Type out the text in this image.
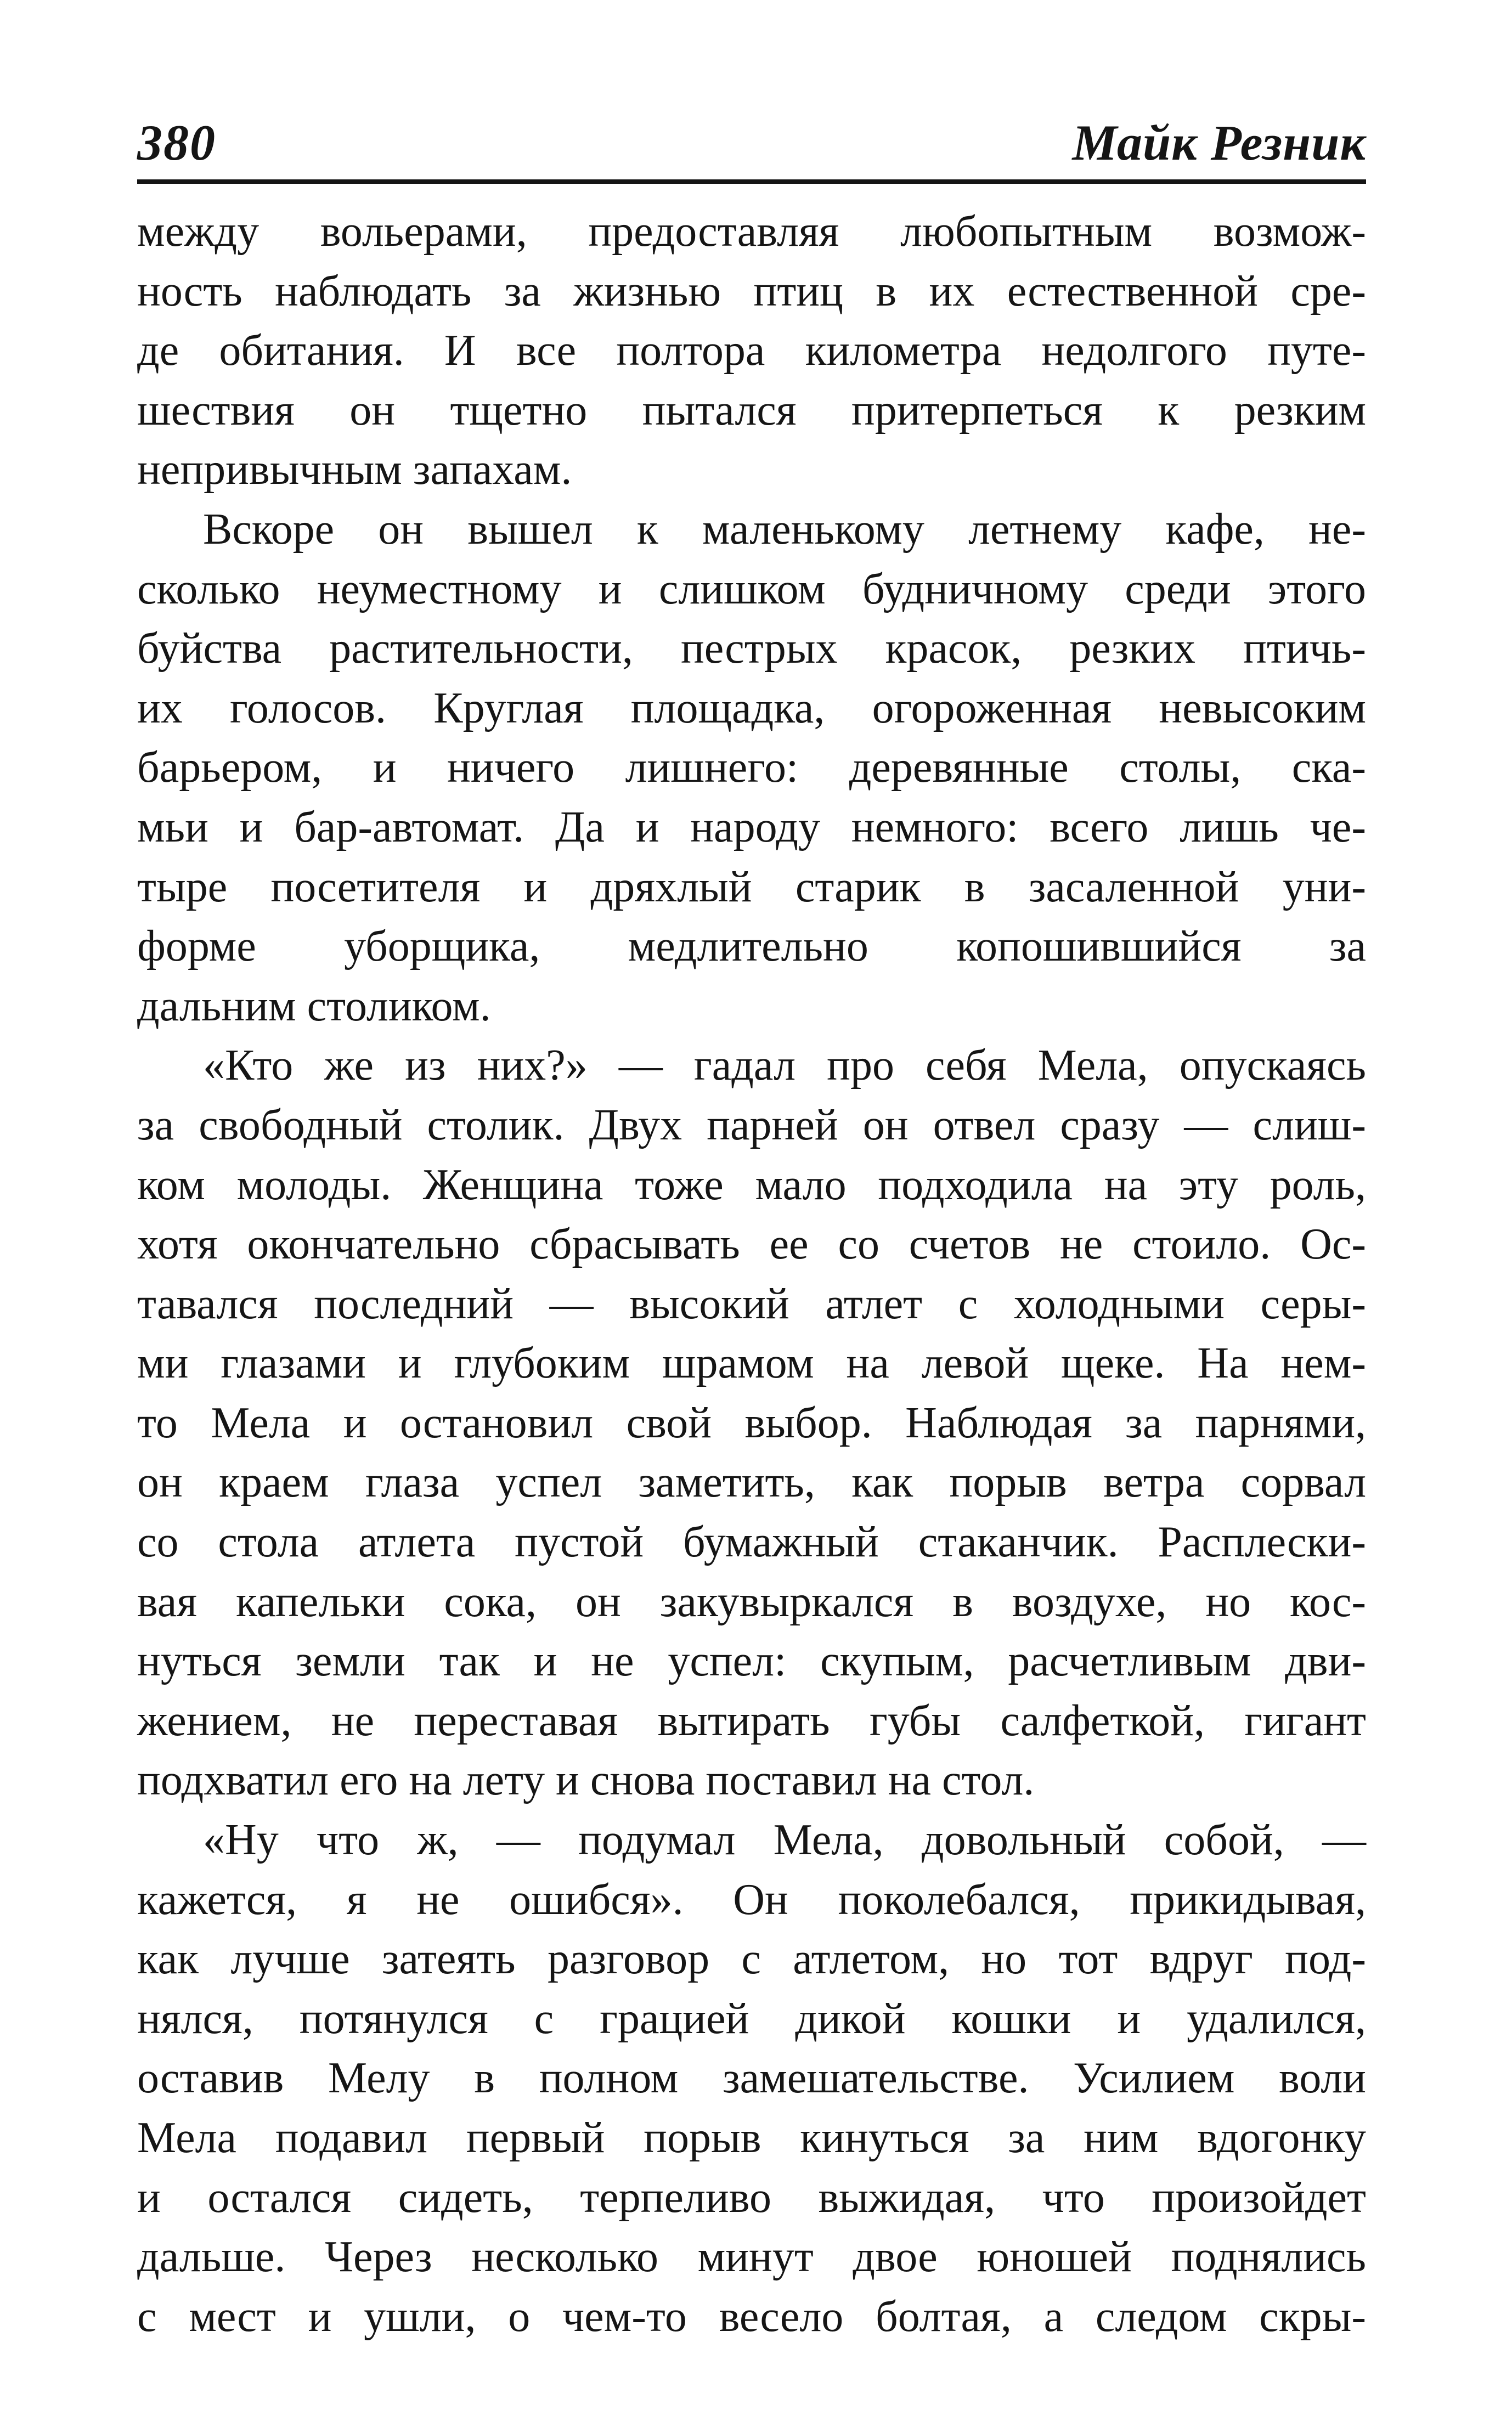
380	Майк Резник
между вольерами, предоставляя любопытным возмож-
ность наблюдать за жизнью птиц в их естественной сре-
де обитания. И все полтора километра недолгого путе-
шествия он тщетно пытался притерпеться к резким
непривычным запахам.
Вскоре он вышел к маленькому летнему кафе, не-
сколько неуместному и слишком будничному среди этого
буйства растительности, пестрых красок, резких птичь-
их голосов. Круглая площадка, огороженная невысоким
барьером, и ничего лишнего: деревянные столы, ска-
мьи и бар-автомат. Да и народу немного: всего лишь че-
тыре посетителя и дряхлый старик в засаленной уни-
форме уборщика, медлительно копошившийся за
дальним столиком.
«Кто же из них?» — гадал про себя Мела, опускаясь
за свободный столик. Двух парней он отвел сразу — слиш-
ком молоды. Женщина тоже мало подходила на эту роль,
хотя окончательно сбрасывать ее со счетов не стоило. Ос-
тавался последний — высокий атлет с холодными серы-
ми глазами и глубоким шрамом на левой щеке. На нем-
то Мела и остановил свой выбор. Наблюдая за парнями,
он краем глаза успел заметить, как порыв ветра сорвал
со стола атлета пустой бумажный стаканчик. Расплески-
вая капельки сока, он закувыркался в воздухе, но кос-
нуться земли так и не успел: скупым, расчетливым дви-
жением, не переставая вытирать губы салфеткой, гигант
подхватил его на лету и снова поставил на стол.
«Ну что ж, — подумал Мела, довольный собой, —
кажется, я не ошибся». Он поколебался, прикидывая,
как лучше затеять разговор с атлетом, но тот вдруг под-
нялся, потянулся с грацией дикой кошки и удалился,
оставив Мелу в полном замешательстве. Усилием воли
Мела подавил первый порыв кинуться за ним вдогонку
и остался сидеть, терпеливо выжидая, что произойдет
дальше. Через несколько минут двое юношей поднялись
с мест и ушли, о чем-то весело болтая, а следом скры-
